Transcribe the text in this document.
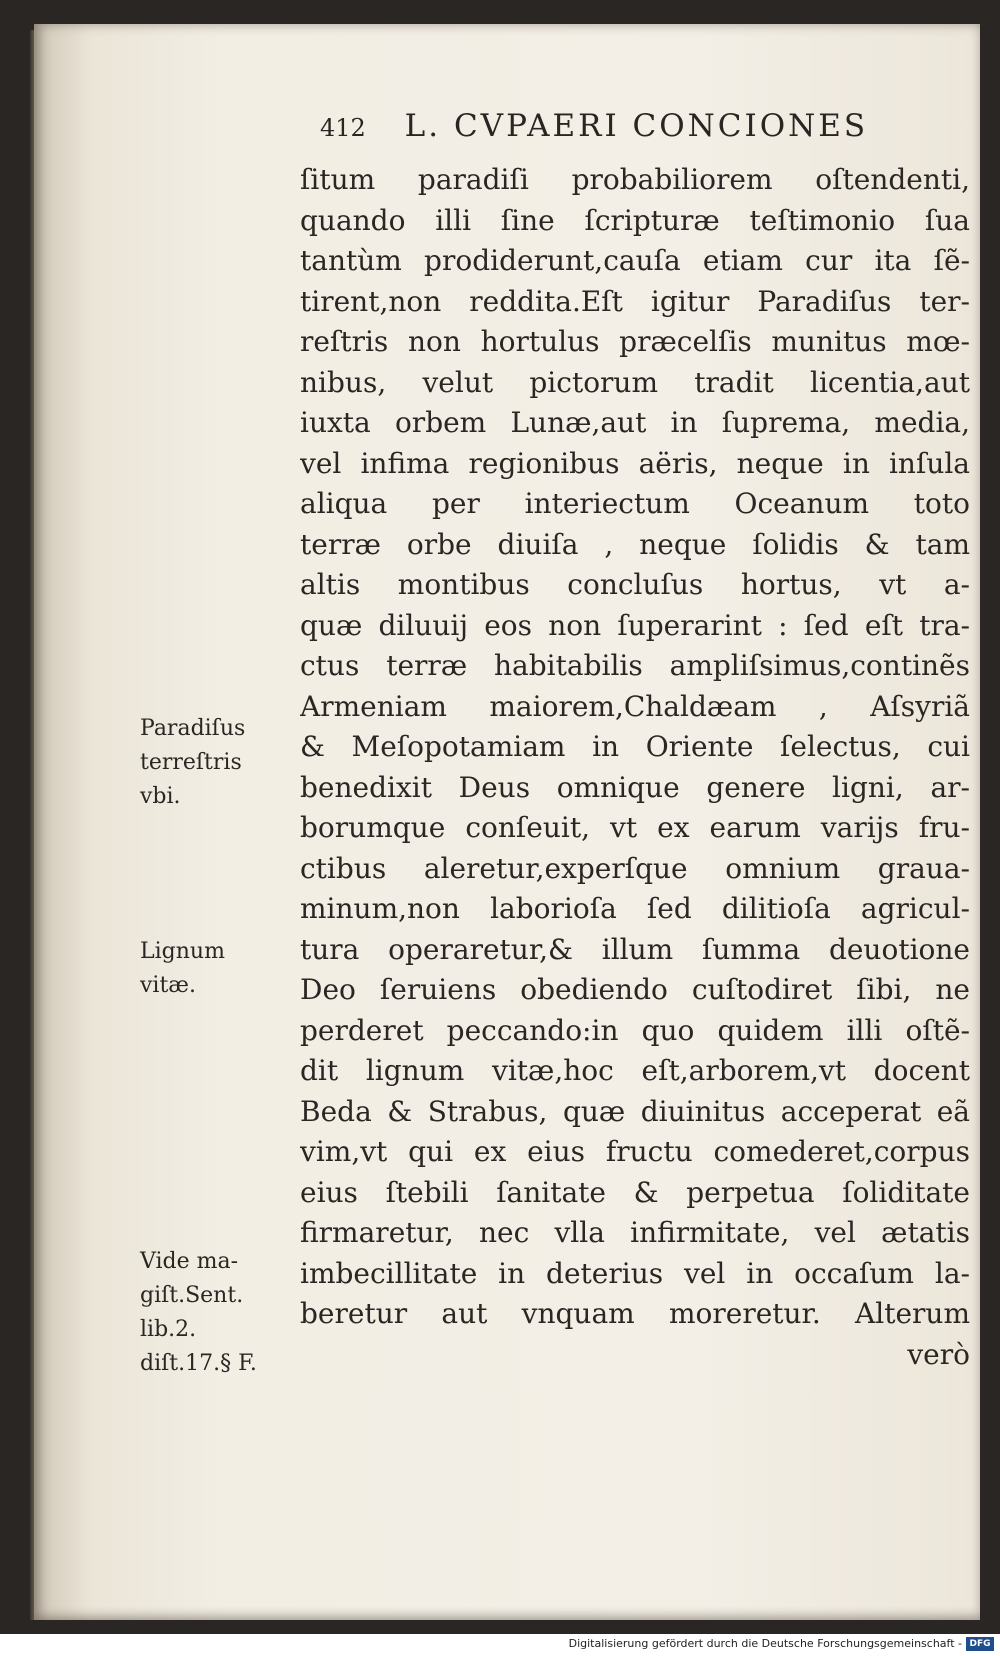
412 L. CVPAERI CONCIONES
ſitum paradiſi probabiliorem oſtendenti,
quando illi ſine ſcripturæ teſtimonio ſua
tantùm prodiderunt,cauſa etiam cur ita ſẽ-
tirent,non reddita.Eſt igitur Paradiſus ter-
reſtris non hortulus præcelſis munitus mœ-
nibus, velut pictorum tradit licentia,aut
iuxta orbem Lunæ,aut in ſuprema, media,
vel infima regionibus aëris, neque in inſula
aliqua per interiectum Oceanum toto
terræ orbe diuiſa , neque ſolidis & tam
altis montibus concluſus hortus, vt a-
quæ diluuij eos non ſuperarint : ſed eſt tra-
ctus terræ habitabilis ampliſsimus,continẽs
Armeniam maiorem,Chaldæam , Aſsyriã
& Meſopotamiam in Oriente ſelectus, cui
benedixit Deus omnique genere ligni, ar-
borumque conſeuit, vt ex earum varijs fru-
ctibus aleretur,experſque omnium graua-
minum,non laborioſa ſed dilitioſa agricul-
tura operaretur,& illum ſumma deuotione
Deo ſeruiens obediendo cuſtodiret ſibi, ne
perderet peccando:in quo quidem illi oſtẽ-
dit lignum vitæ,hoc eſt,arborem,vt docent
Beda & Strabus, quæ diuinitus acceperat eã
vim,vt qui ex eius fructu comederet,corpus
eius ſtebili ſanitate & perpetua ſoliditate
firmaretur, nec vlla infirmitate, vel ætatis
imbecillitate in deterius vel in occaſum la-
beretur aut vnquam moreretur. Alterum
verò
Paradiſus
terreſtris
vbi.
Lignum
vitæ.
Vide ma-
giſt.Sent.
lib.2.
diſt.17.§ F.
Digitalisierung gefördert durch die Deutsche Forschungsgemeinschaft - DFG
